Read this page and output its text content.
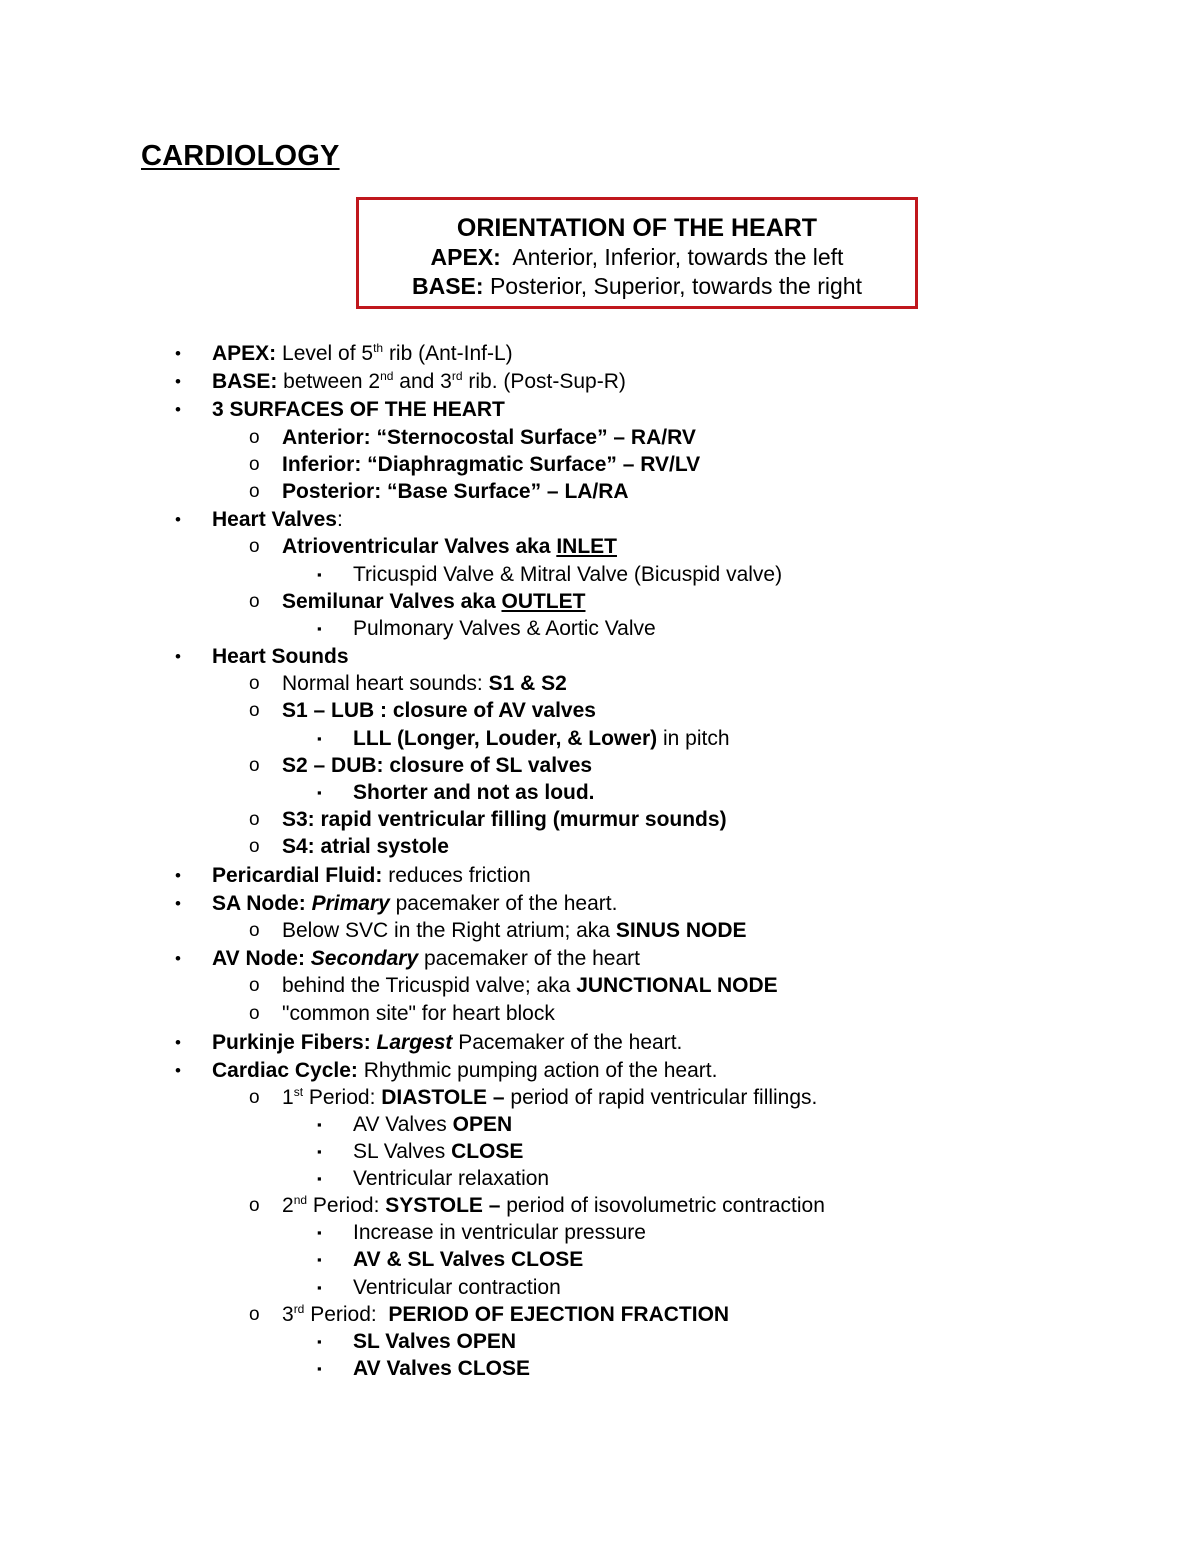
CARDIOLOGY
ORIENTATION OF THE HEART
APEX:  Anterior, Inferior, towards the left
BASE: Posterior, Superior, towards the right
• APEX: Level of 5th rib (Ant-Inf-L)
• BASE: between 2nd and 3rd rib. (Post-Sup-R)
• 3 SURFACES OF THE HEART
o Anterior: “Sternocostal Surface” – RA/RV
o Inferior: “Diaphragmatic Surface” – RV/LV
o Posterior: “Base Surface” – LA/RA
• Heart Valves:
o Atrioventricular Valves aka INLET
▪ Tricuspid Valve & Mitral Valve (Bicuspid valve)
o Semilunar Valves aka OUTLET
▪ Pulmonary Valves & Aortic Valve
• Heart Sounds
o Normal heart sounds: S1 & S2
o S1 – LUB : closure of AV valves
▪ LLL (Longer, Louder, & Lower) in pitch
o S2 – DUB: closure of SL valves
▪ Shorter and not as loud.
o S3: rapid ventricular filling (murmur sounds)
o S4: atrial systole
• Pericardial Fluid: reduces friction
• SA Node: Primary pacemaker of the heart.
o Below SVC in the Right atrium; aka SINUS NODE
• AV Node: Secondary pacemaker of the heart
o behind the Tricuspid valve; aka JUNCTIONAL NODE
o "common site" for heart block
• Purkinje Fibers: Largest Pacemaker of the heart.
• Cardiac Cycle: Rhythmic pumping action of the heart.
o 1st Period: DIASTOLE – period of rapid ventricular fillings.
▪ AV Valves OPEN
▪ SL Valves CLOSE
▪ Ventricular relaxation
o 2nd Period: SYSTOLE – period of isovolumetric contraction
▪ Increase in ventricular pressure
▪ AV & SL Valves CLOSE
▪ Ventricular contraction
o 3rd Period:  PERIOD OF EJECTION FRACTION
▪ SL Valves OPEN
▪ AV Valves CLOSE
